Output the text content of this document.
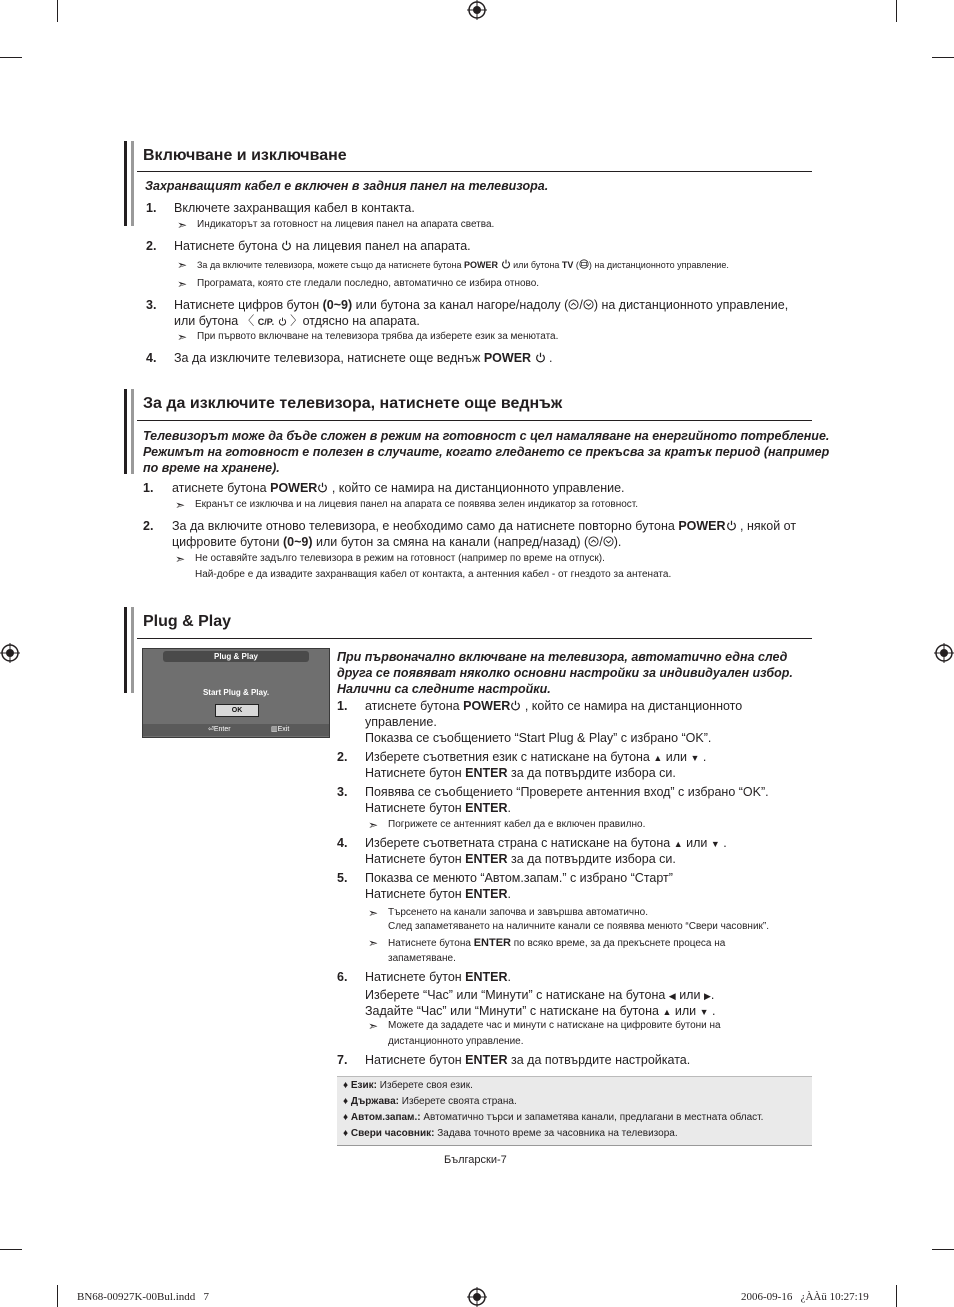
Включване и изключване
Захранващият кабел е включен в задния панел на телевизора.
1. Включете захранващия кабел в контакта.
➣ Индикаторът за готовност на лицевия панел на апарата светва.
2. Натиснете бутона на лицевия панел на апарата.
➣ За да включите телевизора, можете също да натиснете бутона POWER или бутона TV ( ) на дистанционното управление.
➣ Програмата, която сте гледали последно, автоматично се избира отново.
3. Натиснете цифров бутон (0~9) или бутона за канал нагоре/надолу ( / ) на дистанционното управление,
или бутона 〈 C/P. 〉отдясно на апарата.
➣ При първото включване на телевизора трябва да изберете език за менютата.
4. За да изключите телевизора, натиснете още веднъж POWER  .
За да изключите телевизора, натиснете още веднъж
Телевизорът може да бъде сложен в режим на готовност с цел намаляване на енергийното потребление.
Режимът на готовност е полезен в случаите, когато гледането се прекъсва за кратък период (например
по време на хранене).
1. атиснете бутона POWER , който се намира на дистанционното управление.
➣ Екранът се изключва и на лицевия панел на апарата се появява зелен индикатор за готовност.
2. За да включите отново телевизора, е необходимо само да натиснете повторно бутона POWER , някой от
цифровите бутони (0~9) или бутон за смяна на канали (напред/назад) ( / ).
➣ Не оставяйте задълго телевизора в режим на готовност (например по време на отпуск).
Най-добре е да извадите захранващия кабел от контакта, а антенния кабел - от гнездото за антената.
Plug & Play
Plug & Play
Start Plug & Play.
OK
⏎Enter	▥Exit
При първоначално включване на телевизора, автоматично една след
друга се появяват няколко основни настройки за индивидуален избор.
Налични са следните настройки.
1. атиснете бутона POWER , който се намира на дистанционното
управление.
Показва се съобщението “Start Plug & Play” с избрано “OK”.
2. Изберете съответния език с натискане на бутона ▲ или ▼ .
Натиснете бутон ENTER за да потвърдите избора си.
3. Появява се съобщението “Проверете антенния вход” с избрано “OK”.
Натиснете бутон ENTER.
➣ Погрижете се антенният кабел да е включен правилно.
4. Изберете съответната страна с натискане на бутона ▲ или ▼ .
Натиснете бутон ENTER за да потвърдите избора си.
5. Показва се менюто “Автом.запам.” с избрано “Старт”
Натиснете бутон ENTER.
➣ Търсенето на канали започва и завършва автоматично.
След запаметяването на наличните канали се появява менюто “Свери часовник”.
➣ Натиснете бутона ENTER по всяко време, за да прекъснете процеса на
запаметяване.
6. Натиснете бутон ENTER.
Изберете “Час” или “Минути” с натискане на бутона ◀ или ▶.
Задайте “Час” или “Минути” с натискане на бутона ▲ или ▼ .
➣ Можете да зададете час и минути с натискане на цифровите бутони на
дистанционното управление.
7. Натиснете бутон ENTER за да потвърдите настройката.
♦ Език: Изберете своя език.
♦ Държава: Изберете своята страна.
♦ Автом.запам.: Автоматично търси и запаметява канали, предлагани в местната област.
♦ Свери часовник: Задава точното време за часовника на телевизора.
Български-7
BN68-00927K-00Bul.indd   7	2006-09-16   ¿ÀÀü 10:27:19
